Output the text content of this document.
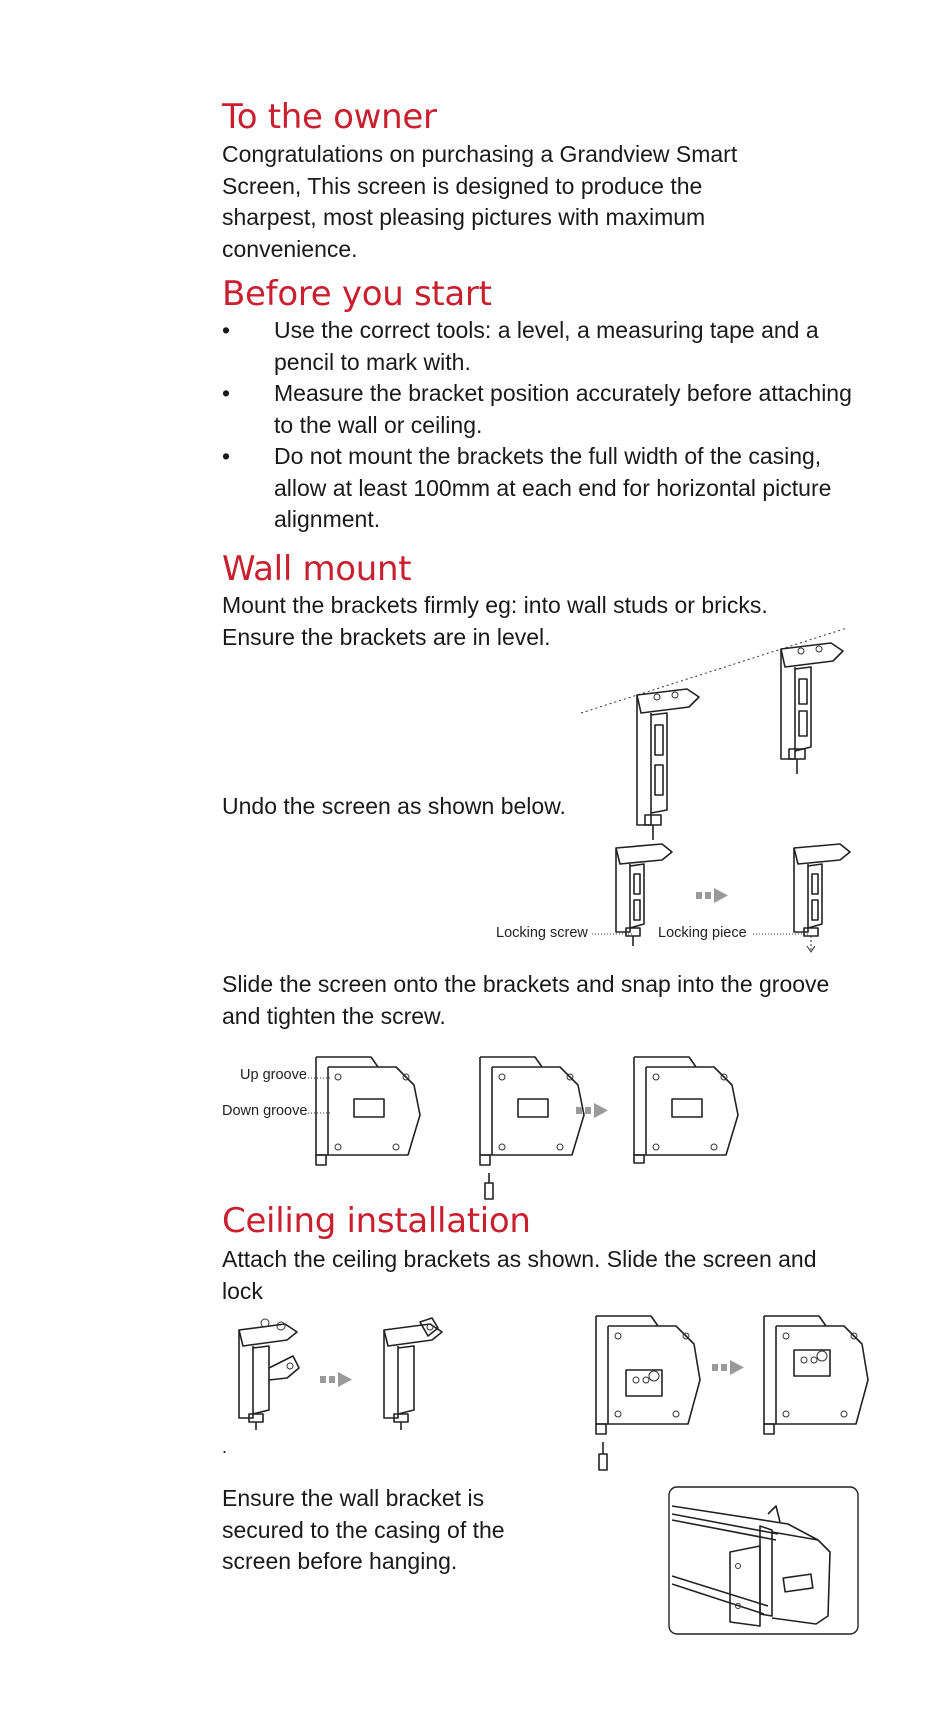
To the owner

Congratulations on purchasing a Grandview Smart Screen, This screen is designed to produce the sharpest, most pleasing pictures with maximum convenience.

Before you start
• Use the correct tools: a level, a measuring tape and a pencil to mark with.
• Measure the bracket position accurately before attaching to the wall or ceiling.
• Do not mount the brackets the full width of the casing, allow at least 100mm at each end for horizontal picture alignment.
Wall mount

Mount the brackets firmly eg: into wall studs or bricks. Ensure the brackets are in level.

Undo the screen as shown below.

Locking screw	Locking piece

Slide the screen onto the brackets and snap into the groove and tighten the screw.

Up groove
Down groove
Ceiling installation

Attach the ceiling brackets as shown. Slide the screen and lock

.

Ensure the wall bracket is secured to the casing of the screen before hanging.
